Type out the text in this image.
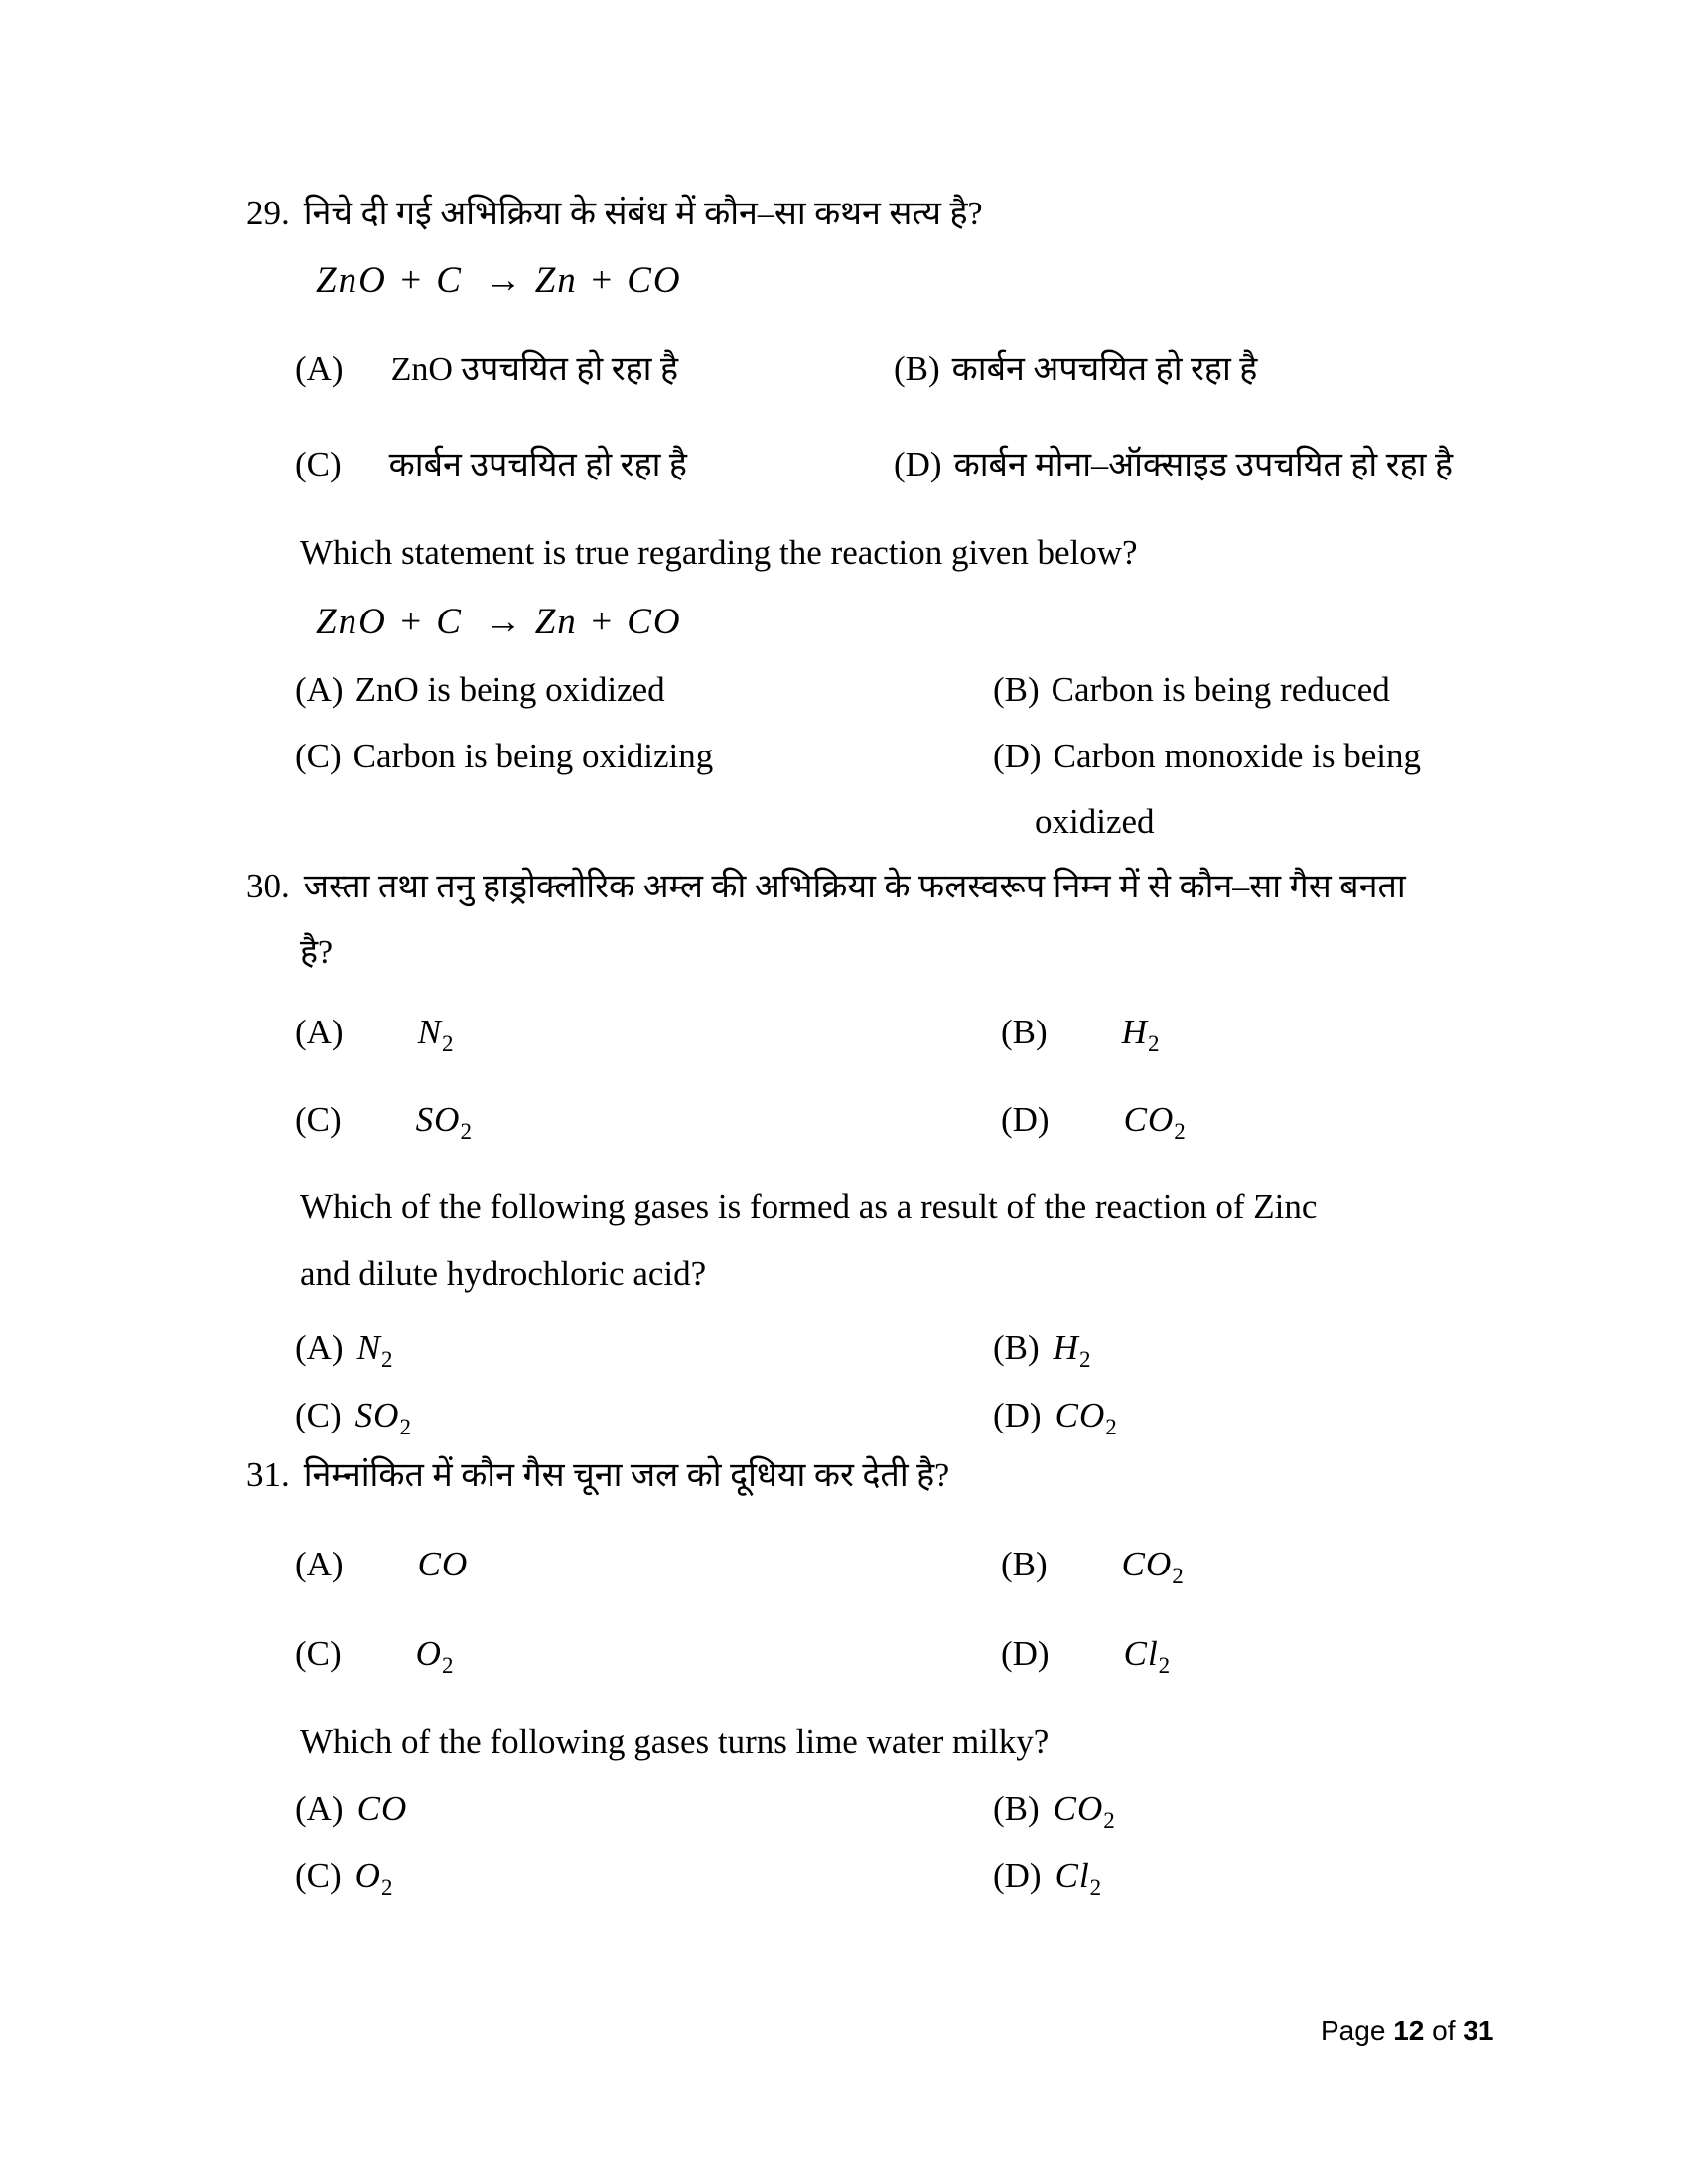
29. निचे दी गई अभिक्रिया के संबंध में कौन–सा कथन सत्य है?
ZnO + C  → Zn + CO
(A) ZnO उपचयित हो रहा है	(B) कार्बन अपचयित हो रहा है
(C) कार्बन उपचयित हो रहा है	(D) कार्बन मोना–ऑक्साइड उपचयित हो रहा है
Which statement is true regarding the reaction given below?
ZnO + C  → Zn + CO
(A) ZnO is being oxidized	(B) Carbon is being reduced
(C) Carbon is being oxidizing	(D) Carbon monoxide is being
oxidized
30. जस्ता तथा तनु हाड्रोक्लोरिक अम्ल की अभिक्रिया के फलस्वरूप निम्न में से कौन–सा गैस बनता
है?
(A) $N_2$	(B) $H_2$
(C) $SO_2$	(D) $CO_2$
Which of the following gases is formed as a result of the reaction of Zinc
and dilute hydrochloric acid?
(A) $N_2$	(B) $H_2$
(C) $SO_2$	(D) $CO_2$
31. निम्नांकित में कौन गैस चूना जल को दूधिया कर देती है?
(A) CO	(B) $CO_2$
(C) $O_2$	(D) $Cl_2$
Which of the following gases turns lime water milky?
(A) CO	(B) $CO_2$
(C) $O_2$	(D) $Cl_2$
Page 12 of 31
